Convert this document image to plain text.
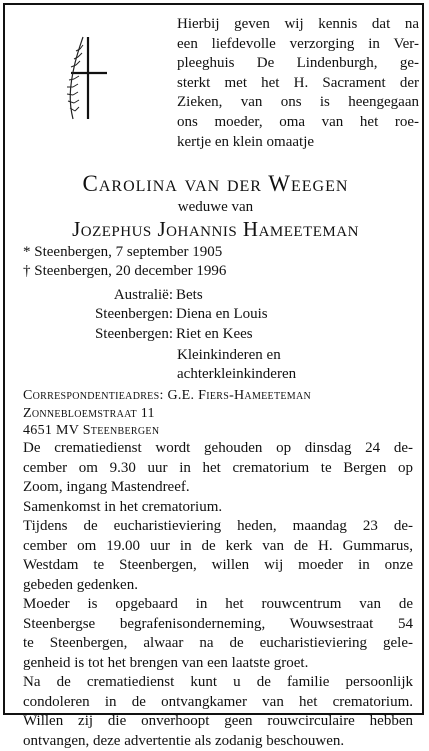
Hierbij geven wij kennis dat na
een liefdevolle verzorging in Ver-
pleeghuis De Lindenburgh, ge-
sterkt met het H. Sacrament der
Zieken, van ons is heengegaan
ons moeder, oma van het roe-
kertje en klein omaatje
Carolina van der Weegen
weduwe van
Jozephus Johannis Hameeteman
* Steenbergen, 7 september 1905
† Steenbergen, 20 december 1996
Australië: Bets
Steenbergen: Diena en Louis
Steenbergen: Riet en Kees
Kleinkinderen en
achterkleinkinderen
Correspondentieadres: G.E. Fiers-Hameeteman
Zonnebloemstraat 11
4651 MV Steenbergen
De crematiedienst wordt gehouden op dinsdag 24 de-
cember om 9.30 uur in het crematorium te Bergen op
Zoom, ingang Mastendreef.
Samenkomst in het crematorium.
Tijdens de eucharistieviering heden, maandag 23 de-
cember om 19.00 uur in de kerk van de H. Gummarus,
Westdam te Steenbergen, willen wij moeder in onze
gebeden gedenken.
Moeder is opgebaard in het rouwcentrum van de
Steenbergse begrafenisonderneming, Wouwsestraat 54
te Steenbergen, alwaar na de eucharistieviering gele-
genheid is tot het brengen van een laatste groet.
Na de crematiedienst kunt u de familie persoonlijk
condoleren in de ontvangkamer van het crematorium.
Willen zij die onverhoopt geen rouwcirculaire hebben
ontvangen, deze advertentie als zodanig beschouwen.
